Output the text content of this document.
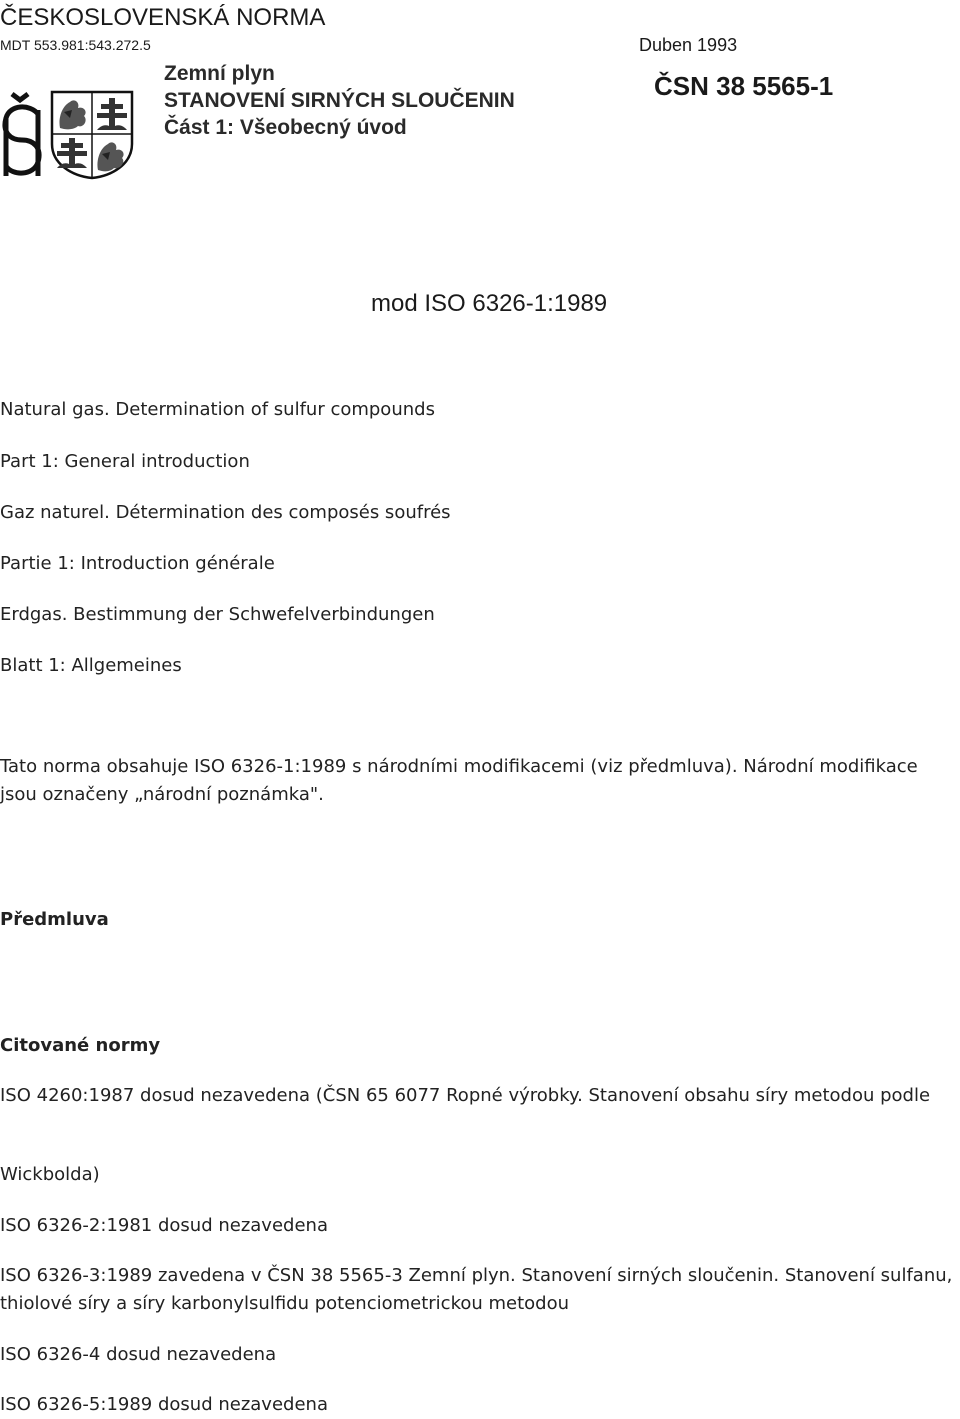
ČESKOSLOVENSKÁ NORMA
MDT 553.981:543.272.5	Duben 1993
Zemní plyn
STANOVENÍ SIRNÝCH SLOUČENIN
Část 1: Všeobecný úvod
ČSN 38 5565-1
mod ISO 6326-1:1989
Natural gas. Determination of sulfur compounds
Part 1: General introduction
Gaz naturel. Détermination des composés soufrés
Partie 1: Introduction générale
Erdgas. Bestimmung der Schwefelverbindungen
Blatt 1: Allgemeines
Tato norma obsahuje ISO 6326-1:1989 s národními modifikacemi (viz předmluva). Národní modifikace jsou označeny „národní poznámka".
Předmluva
Citované normy
ISO 4260:1987 dosud nezavedena (ČSN 65 6077 Ropné výrobky. Stanovení obsahu síry metodou podle
Wickbolda)
ISO 6326-2:1981 dosud nezavedena
ISO 6326-3:1989 zavedena v ČSN 38 5565-3 Zemní plyn. Stanovení sirných sloučenin. Stanovení sulfanu, thiolové síry a síry karbonylsulfidu potenciometrickou metodou
ISO 6326-4 dosud nezavedena
ISO 6326-5:1989 dosud nezavedena
